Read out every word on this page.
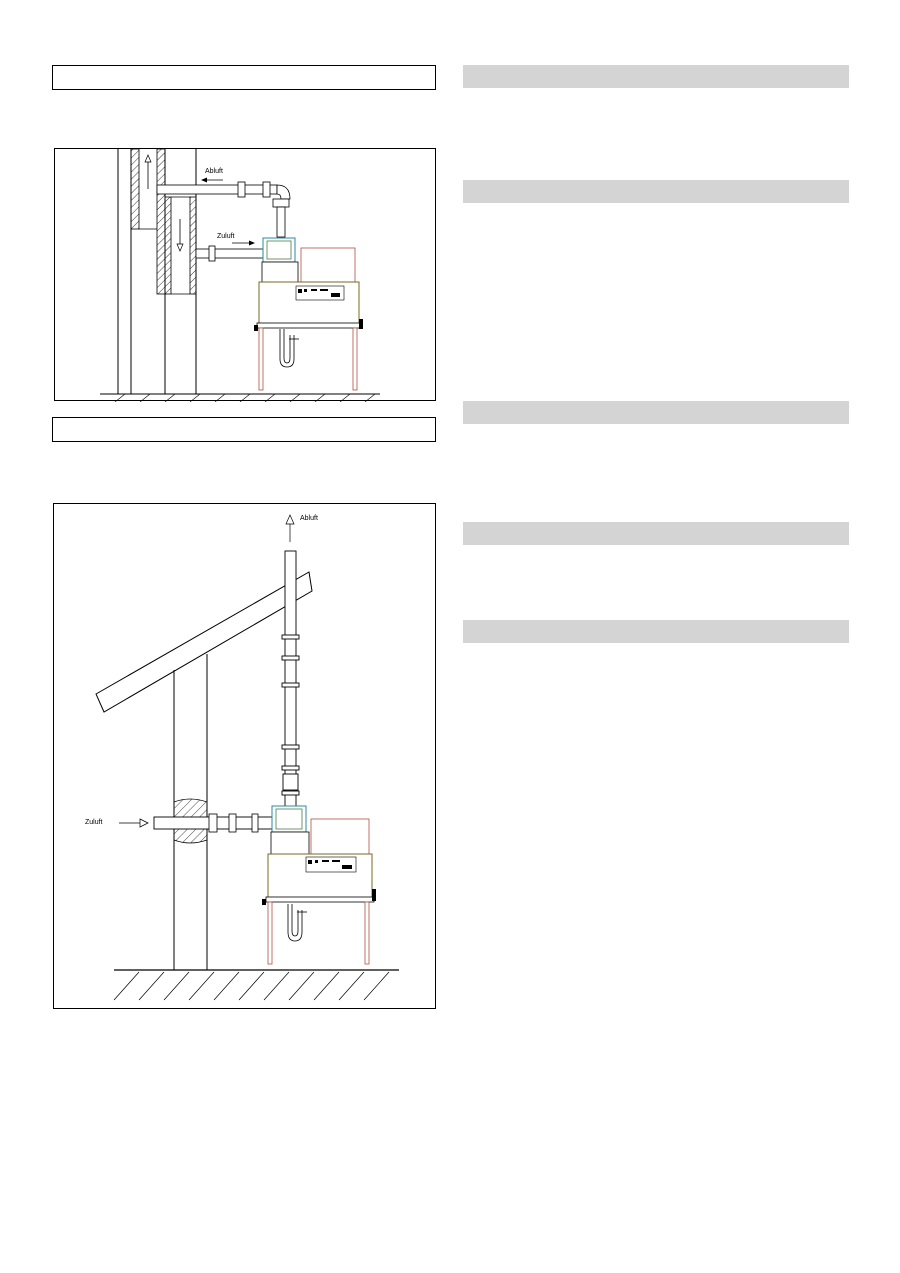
Abluft
Zuluft
Abluft
Zuluft
